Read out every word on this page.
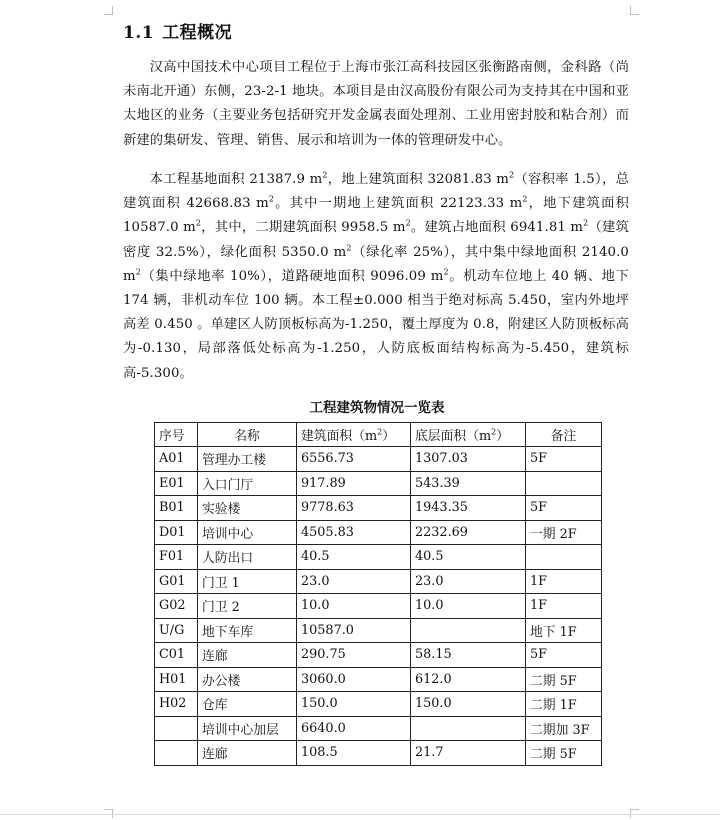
1.1 工程概况

汉高中国技术中心项目工程位于上海市张江高科技园区张衡路南侧，金科路（尚未南北开通）东侧，23-2-1 地块。本项目是由汉高股份有限公司为支持其在中国和亚太地区的业务（主要业务包括研究开发金属表面处理剂、工业用密封胶和粘合剂）而新建的集研发、管理、销售、展示和培训为一体的管理研发中心。

本工程基地面积 21387.9 $m^2$，地上建筑面积 32081.83 $m^2$（容积率 1.5），总建筑面积 42668.83 $m^2$。其中一期地上建筑面积 22123.33 $m^2$，地下建筑面积 10587.0 $m^2$，其中，二期建筑面积 9958.5 $m^2$。建筑占地面积 6941.81 $m^2$（建筑密度 32.5%），绿化面积 5350.0 $m^2$（绿化率 25%），其中集中绿地面积 2140.0 $m^2$（集中绿地率 10%），道路硬地面积 9096.09 $m^2$。机动车位地上 40 辆、地下 174 辆，非机动车位 100 辆。本工程±0.000 相当于绝对标高 5.450，室内外地坪高差 0.450 。单建区人防顶板标高为-1.250，覆土厚度为 0.8，附建区人防顶板标高为-0.130，局部落低处标高为-1.250，人防底板面结构标高为-5.450，建筑标高-5.300。

工程建筑物情况一览表
序号	名称	建筑面积$(m^2)$	底层面积$(m^2)$	备注
A01	管理办工楼	6556.73	1307.03	5F
E01	入口门厅	917.89	543.39	
B01	实验楼	9778.63	1943.35	5F
D01	培训中心	4505.83	2232.69	一期 2F
F01	人防出口	40.5	40.5	
G01	门卫 1	23.0	23.0	1F
G02	门卫 2	10.0	10.0	1F
U/G	地下车库	10587.0		地下 1F
C01	连廊	290.75	58.15	5F
H01	办公楼	3060.0	612.0	二期 5F
H02	仓库	150.0	150.0	二期 1F
	培训中心加层	6640.0		二期加 3F
	连廊	108.5	21.7	二期 5F
